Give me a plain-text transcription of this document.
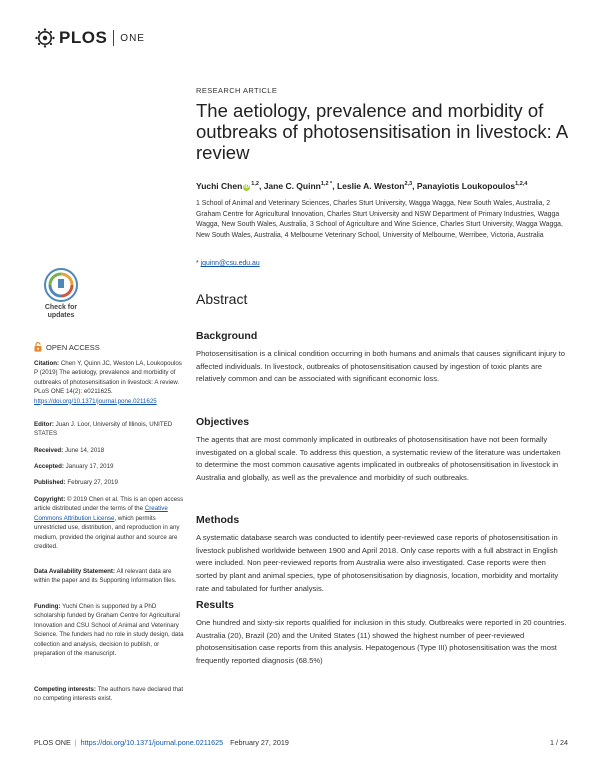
PLOS ONE
RESEARCH ARTICLE
The aetiology, prevalence and morbidity of outbreaks of photosensitisation in livestock: A review
Yuchi Chen iD $^{1,2}$, Jane C. Quinn$^{1,2 *}$, Leslie A. Weston$^{2,3}$, Panayiotis Loukopoulos$^{1,2,4}$
1 School of Animal and Veterinary Sciences, Charles Sturt University, Wagga Wagga, New South Wales, Australia, 2 Graham Centre for Agricultural Innovation, Charles Sturt University and NSW Department of Primary Industries, Wagga Wagga, New South Wales, Australia, 3 School of Agriculture and Wine Science, Charles Sturt University, Wagga Wagga, New South Wales, Australia, 4 Melbourne Veterinary School, University of Melbourne, Werribee, Victoria, Australia
* jquinn@csu.edu.au
Abstract
Background
Photosensitisation is a clinical condition occurring in both humans and animals that causes significant injury to affected individuals. In livestock, outbreaks of photosensitisation caused by ingestion of toxic plants are relatively common and can be associated with significant economic loss.
Objectives
The agents that are most commonly implicated in outbreaks of photosensitisation have not been formally investigated on a global scale. To address this question, a systematic review of the literature was undertaken to determine the most common causative agents implicated in outbreaks of photosensitisation in livestock in Australia and globally, as well as the prevalence and morbidity of such outbreaks.
Methods
A systematic database search was conducted to identify peer-reviewed case reports of photosensitisation in livestock published worldwide between 1900 and April 2018. Only case reports with a full abstract in English were included. Non peer-reviewed reports from Australia were also investigated. Case reports were then sorted by plant and animal species, type of photosensitisation by diagnosis, location, morbidity and mortality rate and tabulated for further analysis.
Results
One hundred and sixty-six reports qualified for inclusion in this study. Outbreaks were reported in 20 countries. Australia (20), Brazil (20) and the United States (11) showed the highest number of peer-reviewed photosensitisation case reports from this analysis. Hepatogenous (Type III) photosensitisation was the most frequently reported diagnosis (68.5%)
Check for
updates
OPEN ACCESS
Citation: Chen Y, Quinn JC, Weston LA, Loukopoulos P (2019) The aetiology, prevalence and morbidity of outbreaks of photosensitisation in livestock: A review. PLoS ONE 14(2): e0211625. https://doi.org/10.1371/journal.pone.0211625
Editor: Juan J. Loor, University of Illinois, UNITED STATES
Received: June 14, 2018
Accepted: January 17, 2019
Published: February 27, 2019
Copyright: © 2019 Chen et al. This is an open access article distributed under the terms of the Creative Commons Attribution License, which permits unrestricted use, distribution, and reproduction in any medium, provided the original author and source are credited.
Data Availability Statement: All relevant data are within the paper and its Supporting Information files.
Funding: Yuchi Chen is supported by a PhD scholarship funded by Graham Centre for Agricultural Innovation and CSU School of Animal and Veterinary Science. The funders had no role in study design, data collection and analysis, decision to publish, or preparation of the manuscript.
Competing interests: The authors have declared that no competing interests exist.
PLOS ONE | https://doi.org/10.1371/journal.pone.0211625 February 27, 2019	1 / 24
